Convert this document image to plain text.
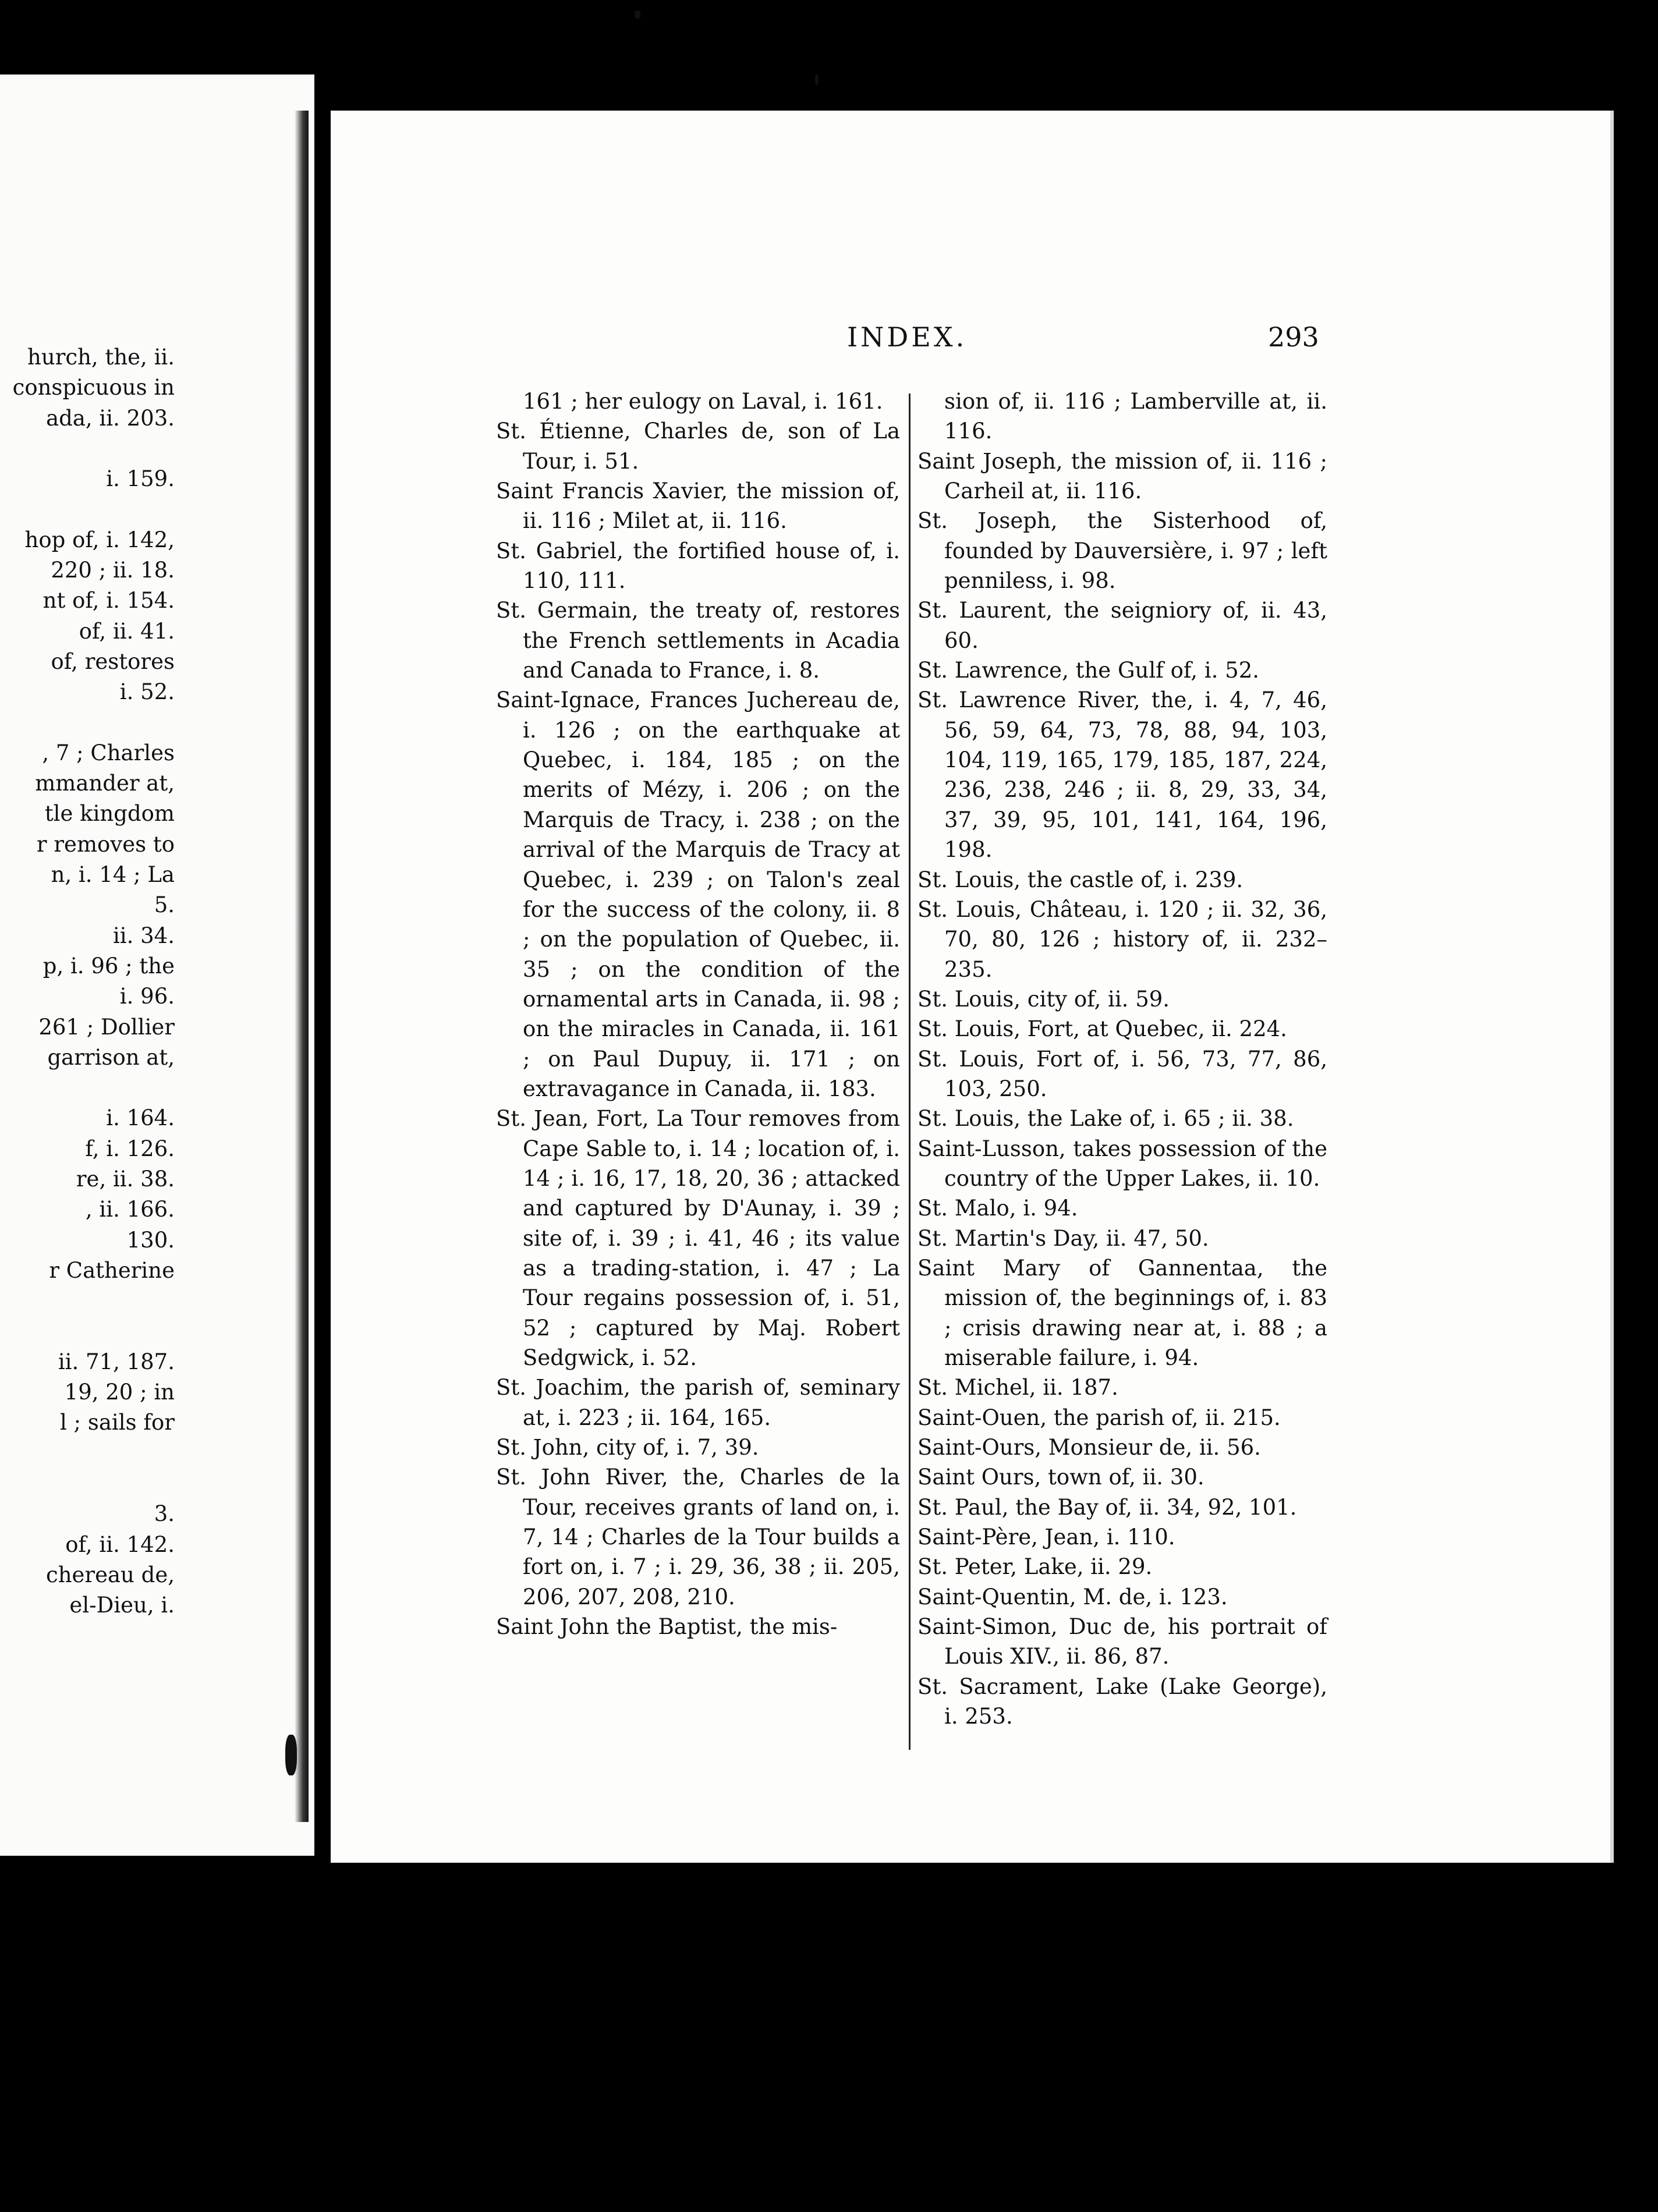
hurch, the, ii.
conspicuous in
ada, ii. 203.
i. 159.
hop of, i. 142,
220 ; ii. 18.
nt of, i. 154.
of, ii. 41.
of, restores
i. 52.
, 7 ; Charles
mmander at,
tle kingdom
r removes to
n, i. 14 ; La
5.
ii. 34.
p, i. 96 ; the
i. 96.
261 ; Dollier
garrison at,
i. 164.
f, i. 126.
re, ii. 38.
, ii. 166.
130.
r Catherine
ii. 71, 187.
19, 20 ; in
l ; sails for
3.
of, ii. 142.
chereau de,
el-Dieu, i.
INDEX.	293
161 ; her eulogy on Laval, i. 161.
St. Étienne, Charles de, son of La Tour, i. 51.
Saint Francis Xavier, the mission of, ii. 116 ; Milet at, ii. 116.
St. Gabriel, the fortified house of, i. 110, 111.
St. Germain, the treaty of, restores the French settlements in Acadia and Canada to France, i. 8.
Saint-Ignace, Frances Juchereau de, i. 126 ; on the earthquake at Quebec, i. 184, 185 ; on the merits of Mézy, i. 206 ; on the Marquis de Tracy, i. 238 ; on the arrival of the Marquis de Tracy at Quebec, i. 239 ; on Talon's zeal for the success of the colony, ii. 8 ; on the population of Quebec, ii. 35 ; on the condition of the ornamental arts in Canada, ii. 98 ; on the miracles in Canada, ii. 161 ; on Paul Dupuy, ii. 171 ; on extravagance in Canada, ii. 183.
St. Jean, Fort, La Tour removes from Cape Sable to, i. 14 ; location of, i. 14 ; i. 16, 17, 18, 20, 36 ; attacked and captured by D'Aunay, i. 39 ; site of, i. 39 ; i. 41, 46 ; its value as a trading-station, i. 47 ; La Tour regains possession of, i. 51, 52 ; captured by Maj. Robert Sedgwick, i. 52.
St. Joachim, the parish of, seminary at, i. 223 ; ii. 164, 165.
St. John, city of, i. 7, 39.
St. John River, the, Charles de la Tour, receives grants of land on, i. 7, 14 ; Charles de la Tour builds a fort on, i. 7 ; i. 29, 36, 38 ; ii. 205, 206, 207, 208, 210.
Saint John the Baptist, the mis-
sion of, ii. 116 ; Lamberville at, ii. 116.
Saint Joseph, the mission of, ii. 116 ; Carheil at, ii. 116.
St. Joseph, the Sisterhood of, founded by Dauversière, i. 97 ; left penniless, i. 98.
St. Laurent, the seigniory of, ii. 43, 60.
St. Lawrence, the Gulf of, i. 52.
St. Lawrence River, the, i. 4, 7, 46, 56, 59, 64, 73, 78, 88, 94, 103, 104, 119, 165, 179, 185, 187, 224, 236, 238, 246 ; ii. 8, 29, 33, 34, 37, 39, 95, 101, 141, 164, 196, 198.
St. Louis, the castle of, i. 239.
St. Louis, Château, i. 120 ; ii. 32, 36, 70, 80, 126 ; history of, ii. 232–235.
St. Louis, city of, ii. 59.
St. Louis, Fort, at Quebec, ii. 224.
St. Louis, Fort of, i. 56, 73, 77, 86, 103, 250.
St. Louis, the Lake of, i. 65 ; ii. 38.
Saint-Lusson, takes possession of the country of the Upper Lakes, ii. 10.
St. Malo, i. 94.
St. Martin's Day, ii. 47, 50.
Saint Mary of Gannentaa, the mission of, the beginnings of, i. 83 ; crisis drawing near at, i. 88 ; a miserable failure, i. 94.
St. Michel, ii. 187.
Saint-Ouen, the parish of, ii. 215.
Saint-Ours, Monsieur de, ii. 56.
Saint Ours, town of, ii. 30.
St. Paul, the Bay of, ii. 34, 92, 101.
Saint-Père, Jean, i. 110.
St. Peter, Lake, ii. 29.
Saint-Quentin, M. de, i. 123.
Saint-Simon, Duc de, his portrait of Louis XIV., ii. 86, 87.
St. Sacrament, Lake (Lake George), i. 253.
